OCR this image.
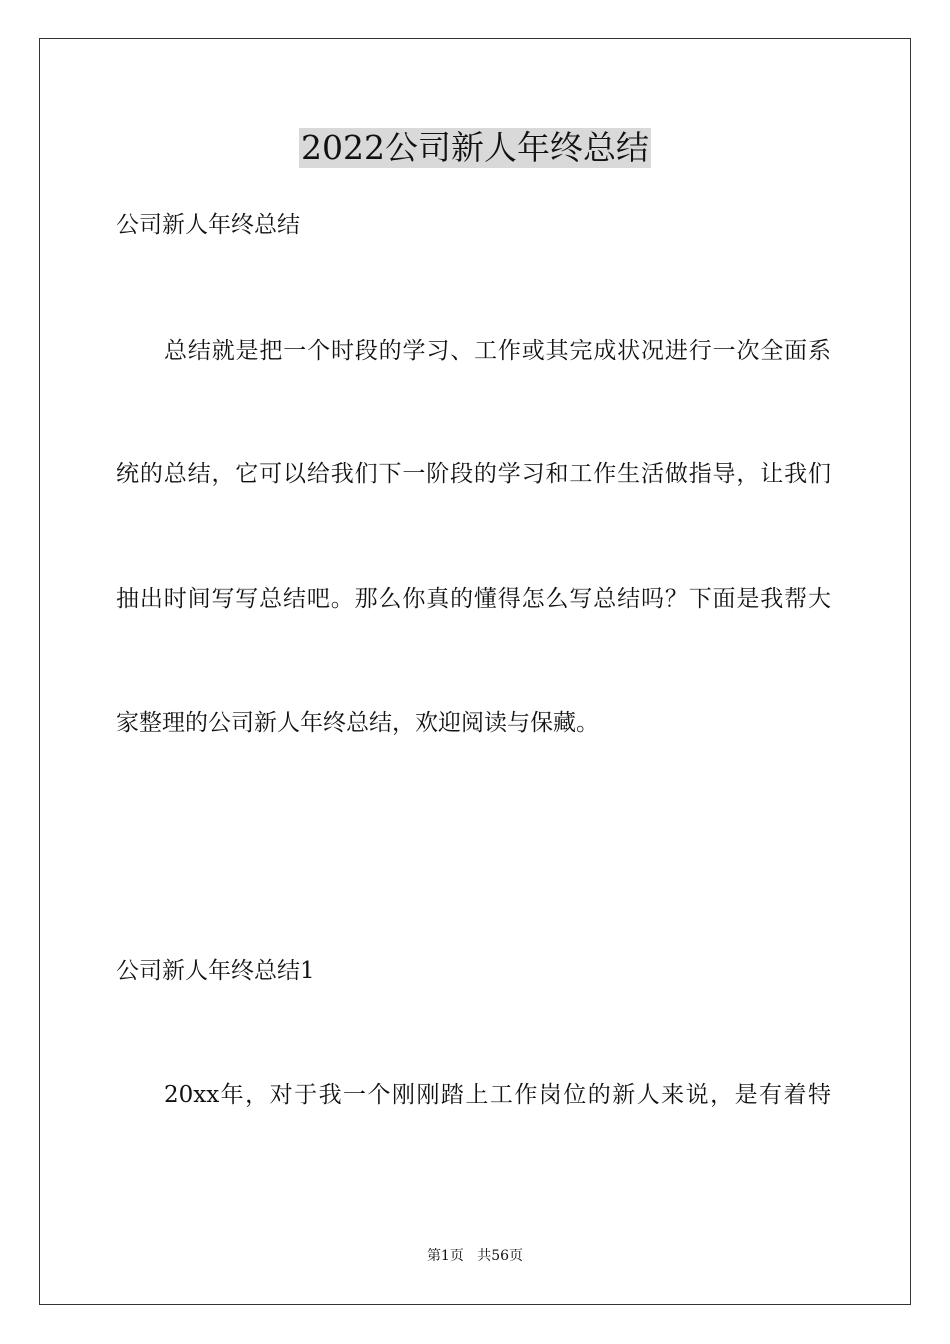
2022公司新人年终总结
公司新人年终总结
总结就是把一个时段的学习、工作或其完成状况进行一次全面系
统的总结，它可以给我们下一阶段的学习和工作生活做指导，让我们
抽出时间写写总结吧。那么你真的懂得怎么写总结吗？下面是我帮大
家整理的公司新人年终总结，欢迎阅读与保藏。
公司新人年终总结1
20xx年，对于我一个刚刚踏上工作岗位的新人来说，是有着特
第1页 共56页
